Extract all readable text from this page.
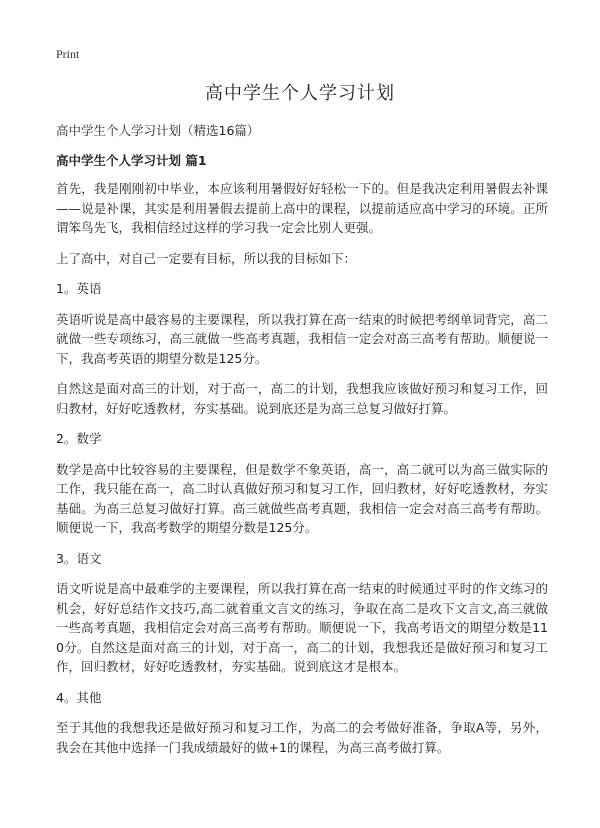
Print
高中学生个人学习计划

高中学生个人学习计划（精选16篇）

高中学生个人学习计划 篇1

首先，我是刚刚初中毕业，本应该利用暑假好好轻松一下的。但是我决定利用暑假去补课——说是补课，其实是利用暑假去提前上高中的课程，以提前适应高中学习的环境。正所谓笨鸟先飞，我相信经过这样的学习我一定会比别人更强。

上了高中，对自己一定要有目标，所以我的目标如下：

1。英语

英语听说是高中最容易的主要课程，所以我打算在高一结束的时候把考纲单词背完，高二就做一些专项练习，高三就做一些高考真题，我相信一定会对高三高考有帮助。顺便说一下，我高考英语的期望分数是125分。

自然这是面对高三的计划，对于高一，高二的计划，我想我应该做好预习和复习工作，回归教材，好好吃透教材，夯实基础。说到底还是为高三总复习做好打算。

2。数学

数学是高中比较容易的主要课程，但是数学不象英语，高一，高二就可以为高三做实际的工作，我只能在高一，高二时认真做好预习和复习工作，回归教材，好好吃透教材，夯实基础。为高三总复习做好打算。高三就做些高考真题，我相信一定会对高三高考有帮助。顺便说一下，我高考数学的期望分数是125分。

3。语文

语文听说是高中最难学的主要课程，所以我打算在高一结束的时候通过平时的作文练习的机会，好好总结作文技巧,高二就着重文言文的练习，争取在高二是攻下文言文,高三就做一些高考真题，我相信定会对高三高考有帮助。顺便说一下，我高考语文的期望分数是110分。自然这是面对高三的计划，对于高一，高二的计划，我想我还是做好预习和复习工作，回归教材，好好吃透教材，夯实基础。说到底这才是根本。

4。其他

至于其他的我想我还是做好预习和复习工作，为高二的会考做好准备，争取A等，另外，我会在其他中选择一门我成绩最好的做+1的课程，为高三高考做打算。
